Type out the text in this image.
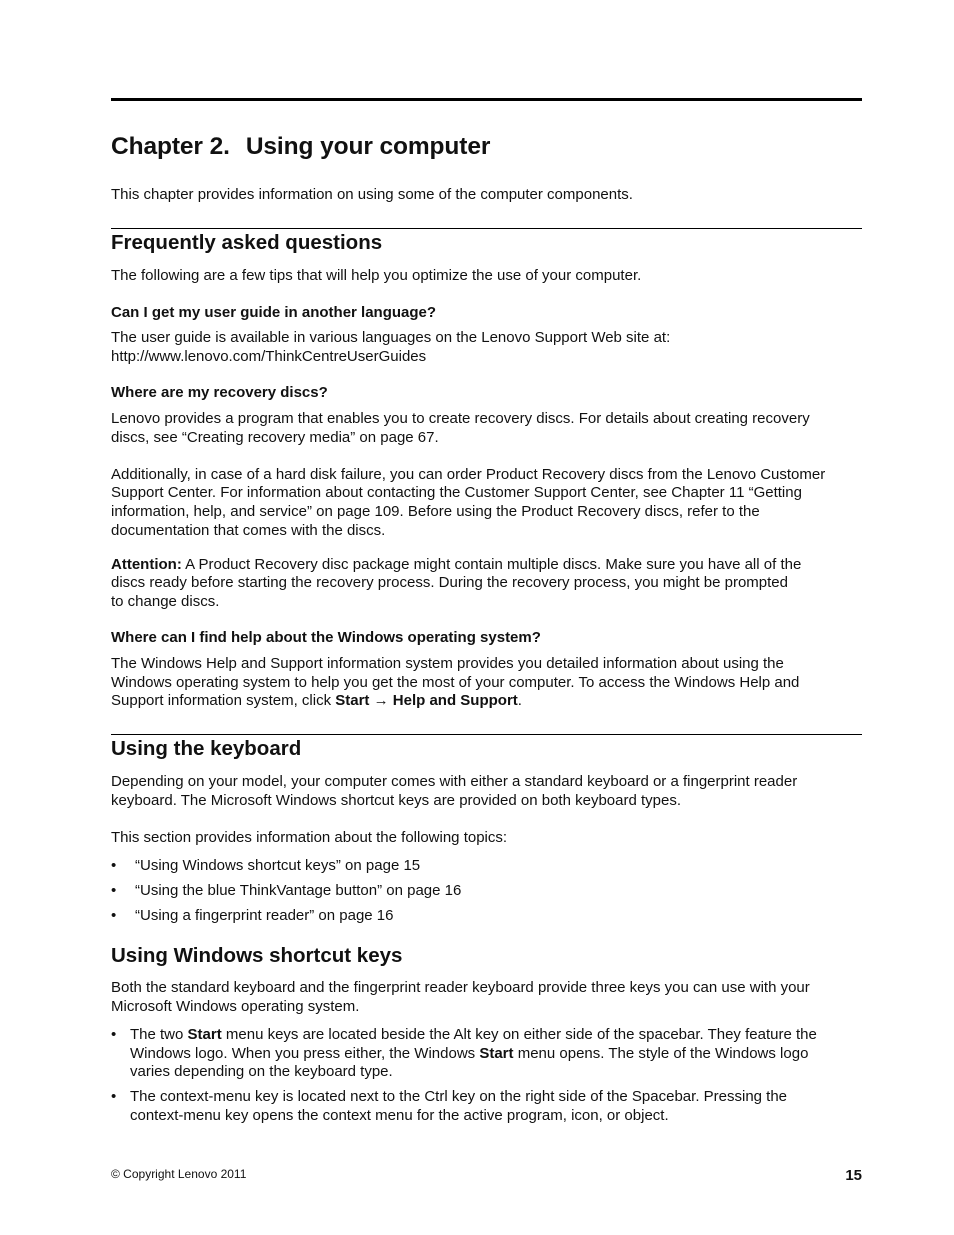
Chapter 2. Using your computer

This chapter provides information on using some of the computer components.

Frequently asked questions

The following are a few tips that will help you optimize the use of your computer.

Can I get my user guide in another language?

The user guide is available in various languages on the Lenovo Support Web site at:

http://www.lenovo.com/ThinkCentreUserGuides

Where are my recovery discs?

Lenovo provides a program that enables you to create recovery discs. For details about creating recovery

discs, see “Creating recovery media” on page 67.

Additionally, in case of a hard disk failure, you can order Product Recovery discs from the Lenovo Customer

Support Center. For information about contacting the Customer Support Center, see Chapter 11 “Getting

information, help, and service” on page 109. Before using the Product Recovery discs, refer to the

documentation that comes with the discs.

Attention: A Product Recovery disc package might contain multiple discs. Make sure you have all of the

discs ready before starting the recovery process. During the recovery process, you might be prompted

to change discs.

Where can I find help about the Windows operating system?

The Windows Help and Support information system provides you detailed information about using the

Windows operating system to help you get the most of your computer. To access the Windows Help and

Support information system, click Start → Help and Support.

Using the keyboard

Depending on your model, your computer comes with either a standard keyboard or a fingerprint reader

keyboard. The Microsoft Windows shortcut keys are provided on both keyboard types.

This section provides information about the following topics:

• “Using Windows shortcut keys” on page 15
• “Using the blue ThinkVantage button” on page 16
• “Using a fingerprint reader” on page 16
Using Windows shortcut keys

Both the standard keyboard and the fingerprint reader keyboard provide three keys you can use with your

Microsoft Windows operating system.

• The two Start menu keys are located beside the Alt key on either side of the spacebar. They feature the
Windows logo. When you press either, the Windows Start menu opens. The style of the Windows logo
varies depending on the keyboard type.
• The context-menu key is located next to the Ctrl key on the right side of the Spacebar. Pressing the
context-menu key opens the context menu for the active program, icon, or object.
© Copyright Lenovo 2011	15
